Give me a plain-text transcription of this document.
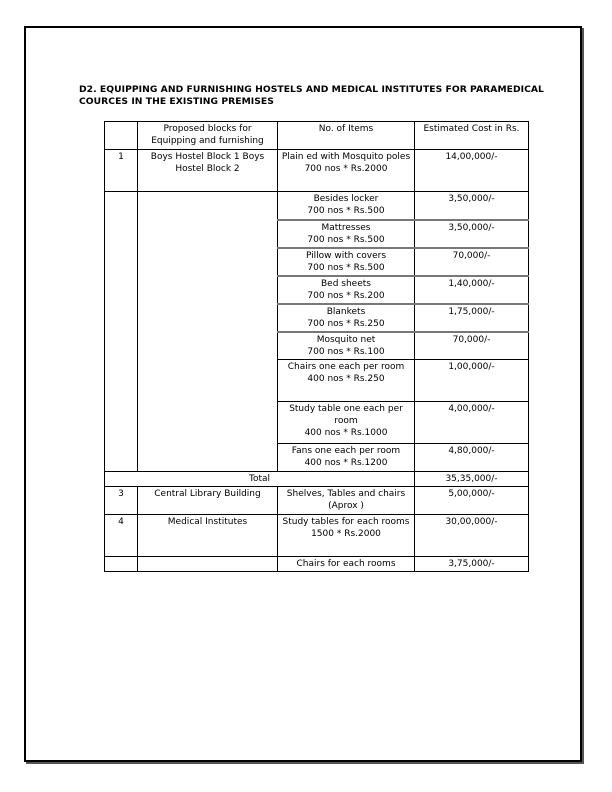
D2. EQUIPPING AND FURNISHING HOSTELS AND MEDICAL INSTITUTES FOR PARAMEDICAL
COURCES IN THE EXISTING PREMISES
	Proposed blocks for Equipping and furnishing	No. of Items	Estimated Cost in Rs.
1	Boys Hostel Block 1 Boys Hostel Block 2	Plain ed with Mosquito poles
700 nos * Rs.2000	14,00,000/-

		Besides locker
700 nos * Rs.500	3,50,000/-

		Mattresses
700 nos * Rs.500	3,50,000/-

		Pillow with covers
700 nos * Rs.500	70,000/-

		Bed sheets
700 nos * Rs.200	1,40,000/-

		Blankets
700 nos * Rs.250	1,75,000/-

		Mosquito net
700 nos * Rs.100	70,000/-

		Chairs one each per room
400 nos * Rs.250	1,00,000/-

		Study table one each per room
400 nos * Rs.1000	4,00,000/-

		Fans one each per room
400 nos * Rs.1200	4,80,000/-
Total			35,35,000/-
3	Central Library Building	Shelves, Tables and chairs (Aprox )	5,00,000/-
4	Medical Institutes	Study tables for each rooms
1500 * Rs.2000	30,00,000/-
		Chairs for each rooms	3,75,000/-
